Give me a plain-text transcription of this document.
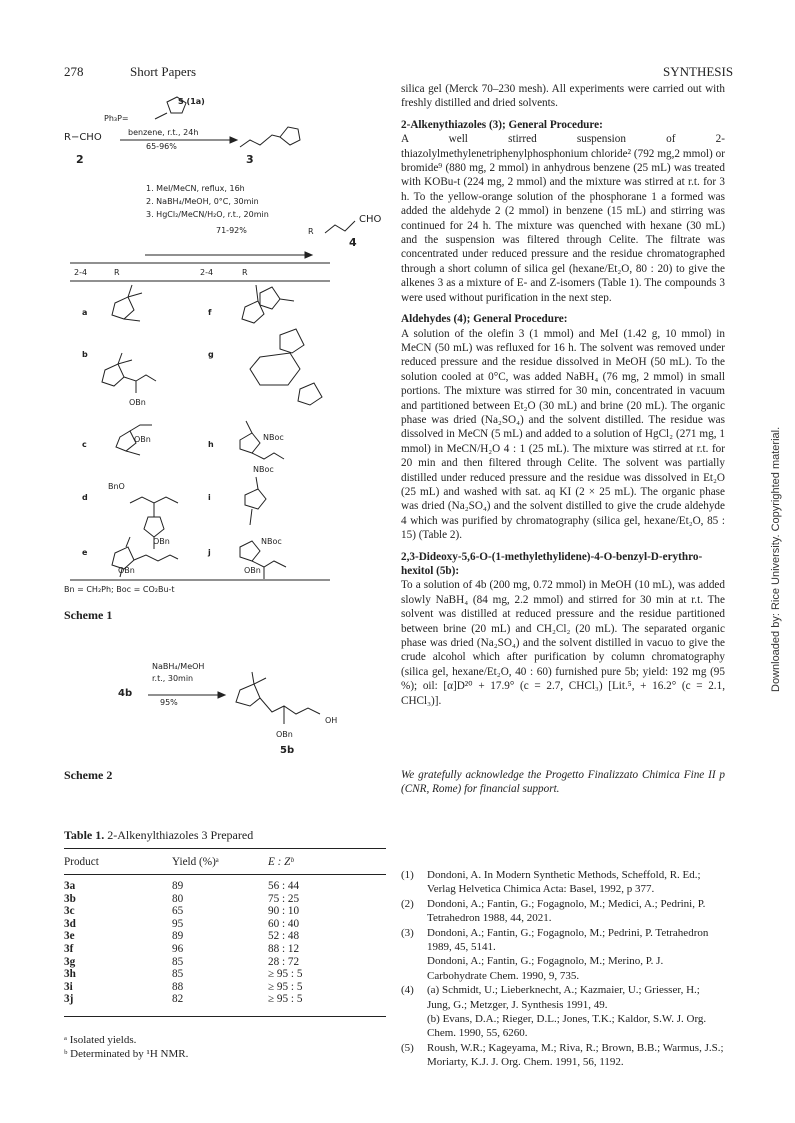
278	Short Papers	SYNTHESIS
Ph₃P=
S (1a)
R−CHO
2
benzene, r.t., 24h
65-96%
3
1. MeI/MeCN, reflux, 16h
2. NaBH₄/MeOH, 0°C, 30min
3. HgCl₂/MeCN/H₂O, r.t., 20min
71-92%	R
CHO
4
2-4	R	2-4	R
a
b
c
d
e
f
g
h
i
j
OBn
OBn	NBoc
NBoc
BnO
OBn
OBn
NBoc
OBn
Bn = CH₂Ph; Boc = CO₂Bu-t
Scheme 1
NaBH₄/MeOH
r.t., 30min
95%
4b
OH
OBn
5b
Scheme 2
Table 1. 2-Alkenylthiazoles 3 Prepared
Product	Yield (%)ᵃ	E : Zᵇ
3a	89	56 : 44
3b	80	75 : 25
3c	65	90 : 10
3d	95	60 : 40
3e	89	52 : 48
3f	96	88 : 12
3g	85	28 : 72
3h	85	≥ 95 : 5
3i	88	≥ 95 : 5
3j	82	≥ 95 : 5
ᵃ Isolated yields.
ᵇ Determinated by ¹H NMR.

silica gel (Merck 70–230 mesh). All experiments were carried out with freshly distilled and dried solvents.

2-Alkenythiazoles (3); General Procedure:

A well stirred suspension of 2-thiazolylmethylenetriphenylphosphonium chloride² (792 mg,2 mmol) or bromide⁹ (880 mg, 2 mmol) in anhydrous benzene (25 mL) was treated with KOBu-t (224 mg, 2 mmol) and the mixture was stirred at r.t. for 3 h. To the yellow-orange solution of the phosphorane 1 a formed was added the aldehyde 2 (2 mmol) in benzene (15 mL) and stirring was continued for 24 h. The mixture was quenched with hexane (30 mL) and the suspension was filtered through Celite. The filtrate was concentrated under reduced pressure and the residue chromatographed through a short column of silica gel (hexane/Et₂O, 80 : 20) to give the alkenes 3 as a mixture of E- and Z-isomers (Table 1). The compounds 3 were used without purification in the next step.

Aldehydes (4); General Procedure:

A solution of the olefin 3 (1 mmol) and MeI (1.42 g, 10 mmol) in MeCN (50 mL) was refluxed for 16 h. The solvent was removed under reduced pressure and the residue dissolved in MeOH (50 mL). To the solution cooled at 0°C, was added NaBH₄ (76 mg, 2 mmol) in small portions. The mixture was stirred for 30 min, concentrated in vacuum and partitioned between Et₂O (30 mL) and brine (20 mL). The organic phase was dried (Na₂SO₄) and the solvent distilled. The residue was dissolved in MeCN (5 mL) and added to a solution of HgCl₂ (271 mg, 1 mmol) in MeCN/H₂O 4 : 1 (25 mL). The mixture was stirred at r.t. for 20 min and then filtered through Celite. The solvent was partially distilled under reduced pressure and the residue was dissolved in Et₂O (25 mL) and washed with sat. aq KI (2 × 25 mL). The organic phase was dried (Na₂SO₄) and the solvent distilled to give the crude aldehyde 4 which was purified by chromatography (silica gel, hexane/Et₂O, 85 : 15) (Table 2).

2,3-Dideoxy-5,6-O-(1-methylethylidene)-4-O-benzyl-D-erythro-hexitol (5b):

To a solution of 4b (200 mg, 0.72 mmol) in MeOH (10 mL), was added slowly NaBH₄ (84 mg, 2.2 mmol) and stirred for 30 min at r.t. The solvent was distilled at reduced pressure and the residue partitioned between brine (20 mL) and CH₂Cl₂ (20 mL). The separated organic phase was dried (Na₂SO₄) and the solvent distilled in vacuo to give the crude alcohol which after purification by column chromatography (silica gel, hexane/Et₂O, 40 : 60) furnished pure 5b; yield: 192 mg (95 %); oil: [α]D²⁰ + 17.9° (c = 2.7, CHCl₃) [Lit.⁵, + 16.2° (c = 2.1, CHCl₃)].

We gratefully acknowledge the Progetto Finalizzato Chimica Fine II p (CNR, Rome) for financial support.
(1) Dondoni, A. In Modern Synthetic Methods, Scheffold, R. Ed.; Verlag Helvetica Chimica Acta: Basel, 1992, p 377.
(2) Dondoni, A.; Fantin, G.; Fogagnolo, M.; Medici, A.; Pedrini, P. Tetrahedron 1988, 44, 2021.
(3) Dondoni, A.; Fantin, G.; Fogagnolo, M.; Pedrini, P. Tetrahedron 1989, 45, 5141.
Dondoni, A.; Fantin, G.; Fogagnolo, M.; Merino, P. J. Carbohydrate Chem. 1990, 9, 735.
(4) (a) Schmidt, U.; Lieberknecht, A.; Kazmaier, U.; Griesser, H.; Jung, G.; Metzger, J. Synthesis 1991, 49.
(b) Evans, D.A.; Rieger, D.L.; Jones, T.K.; Kaldor, S.W. J. Org. Chem. 1990, 55, 6260.
(5) Roush, W.R.; Kageyama, M.; Riva, R.; Brown, B.B.; Warmus, J.S.; Moriarty, K.J. J. Org. Chem. 1991, 56, 1192.
Downloaded by: Rice University. Copyrighted material.
